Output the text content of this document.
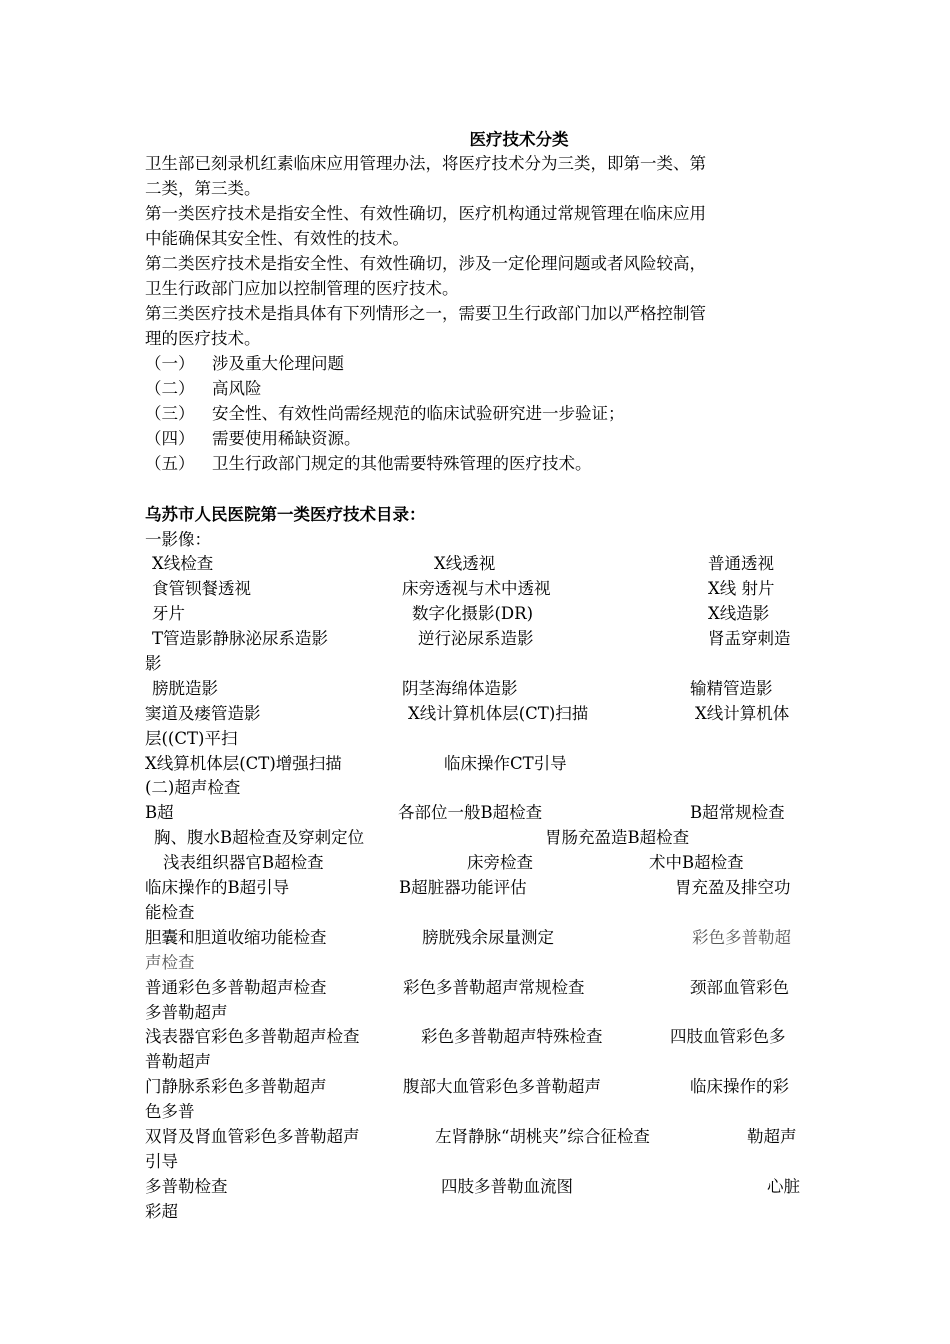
医疗技术分类
卫生部已刻录机红素临床应用管理办法，将医疗技术分为三类，即第一类、第
二类，第三类。
第一类医疗技术是指安全性、有效性确切，医疗机构通过常规管理在临床应用
中能确保其安全性、有效性的技术。
第二类医疗技术是指安全性、有效性确切，涉及一定伦理问题或者风险较高，
卫生行政部门应加以控制管理的医疗技术。
第三类医疗技术是指具体有下列情形之一，需要卫生行政部门加以严格控制管
理的医疗技术。
（一） 涉及重大伦理问题
（二） 高风险
（三） 安全性、有效性尚需经规范的临床试验研究进一步验证；
（四） 需要使用稀缺资源。
（五） 卫生行政部门规定的其他需要特殊管理的医疗技术。
乌苏市人民医院第一类医疗技术目录：
一影像：
X线检查	X线透视	普通透视
食管钡餐透视	床旁透视与术中透视	X线 射片
牙片	数字化摄影(DR)	X线造影
T管造影静脉泌尿系造影	逆行泌尿系造影	肾盂穿刺造
影
膀胱造影	阴茎海绵体造影	输精管造影
窦道及瘘管造影	X线计算机体层(CT)扫描	X线计算机体
层((CT)平扫
X线算机体层(CT)增强扫描	临床操作CT引导
(二)超声检查
B超	各部位一般B超检查	B超常规检查
胸、腹水B超检查及穿刺定位	胃肠充盈造B超检查
浅表组织器官B超检查	床旁检查	术中B超检查
临床操作的B超引导	B超脏器功能评估	胃充盈及排空功
能检查
胆囊和胆道收缩功能检查	膀胱残余尿量测定	彩色多普勒超
声检查
普通彩色多普勒超声检查	彩色多普勒超声常规检查	颈部血管彩色
多普勒超声
浅表器官彩色多普勒超声检查	彩色多普勒超声特殊检查	四肢血管彩色多
普勒超声
门静脉系彩色多普勒超声	腹部大血管彩色多普勒超声	临床操作的彩
色多普
双肾及肾血管彩色多普勒超声	左肾静脉“胡桃夹”综合征检查	勒超声
引导
多普勒检查	四肢多普勒血流图	心脏
彩超
